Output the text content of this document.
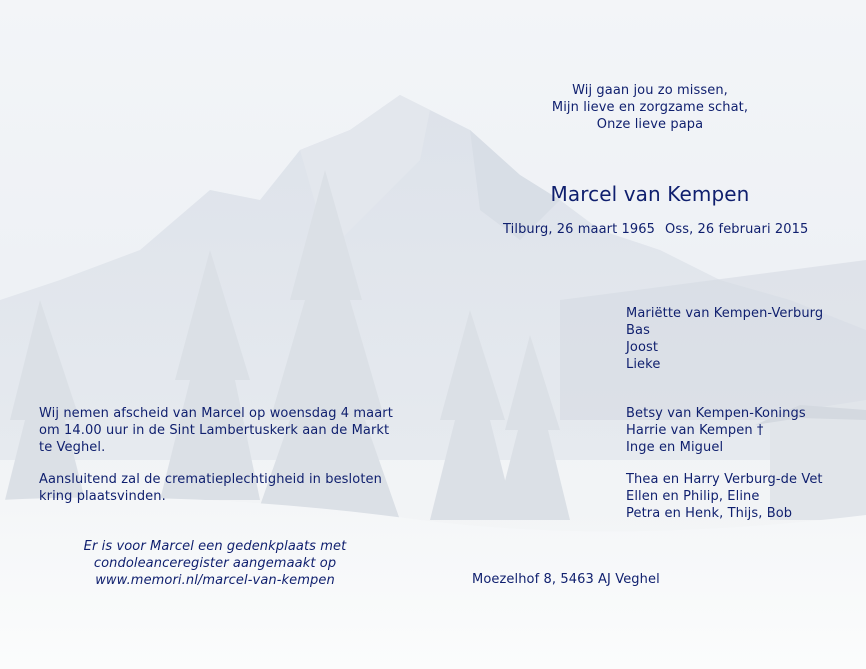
Wij gaan jou zo missen,
Mijn lieve en zorgzame schat,
Onze lieve papa
Marcel van Kempen
Tilburg, 26 maart 1965 Oss, 26 februari 2015
Mariëtte van Kempen-Verburg
Bas
Joost
Lieke
Betsy van Kempen-Konings
Harrie van Kempen †
Inge en Miguel
Thea en Harry Verburg-de Vet
Ellen en Philip, Eline
Petra en Henk, Thijs, Bob
Wij nemen afscheid van Marcel op woensdag 4 maart
om 14.00 uur in de Sint Lambertuskerk aan de Markt
te Veghel.
Aansluitend zal de crematieplechtigheid in besloten
kring plaatsvinden.
Er is voor Marcel een gedenkplaats met
condoleanceregister aangemaakt op
www.memori.nl/marcel-van-kempen	Moezelhof 8, 5463 AJ Veghel
